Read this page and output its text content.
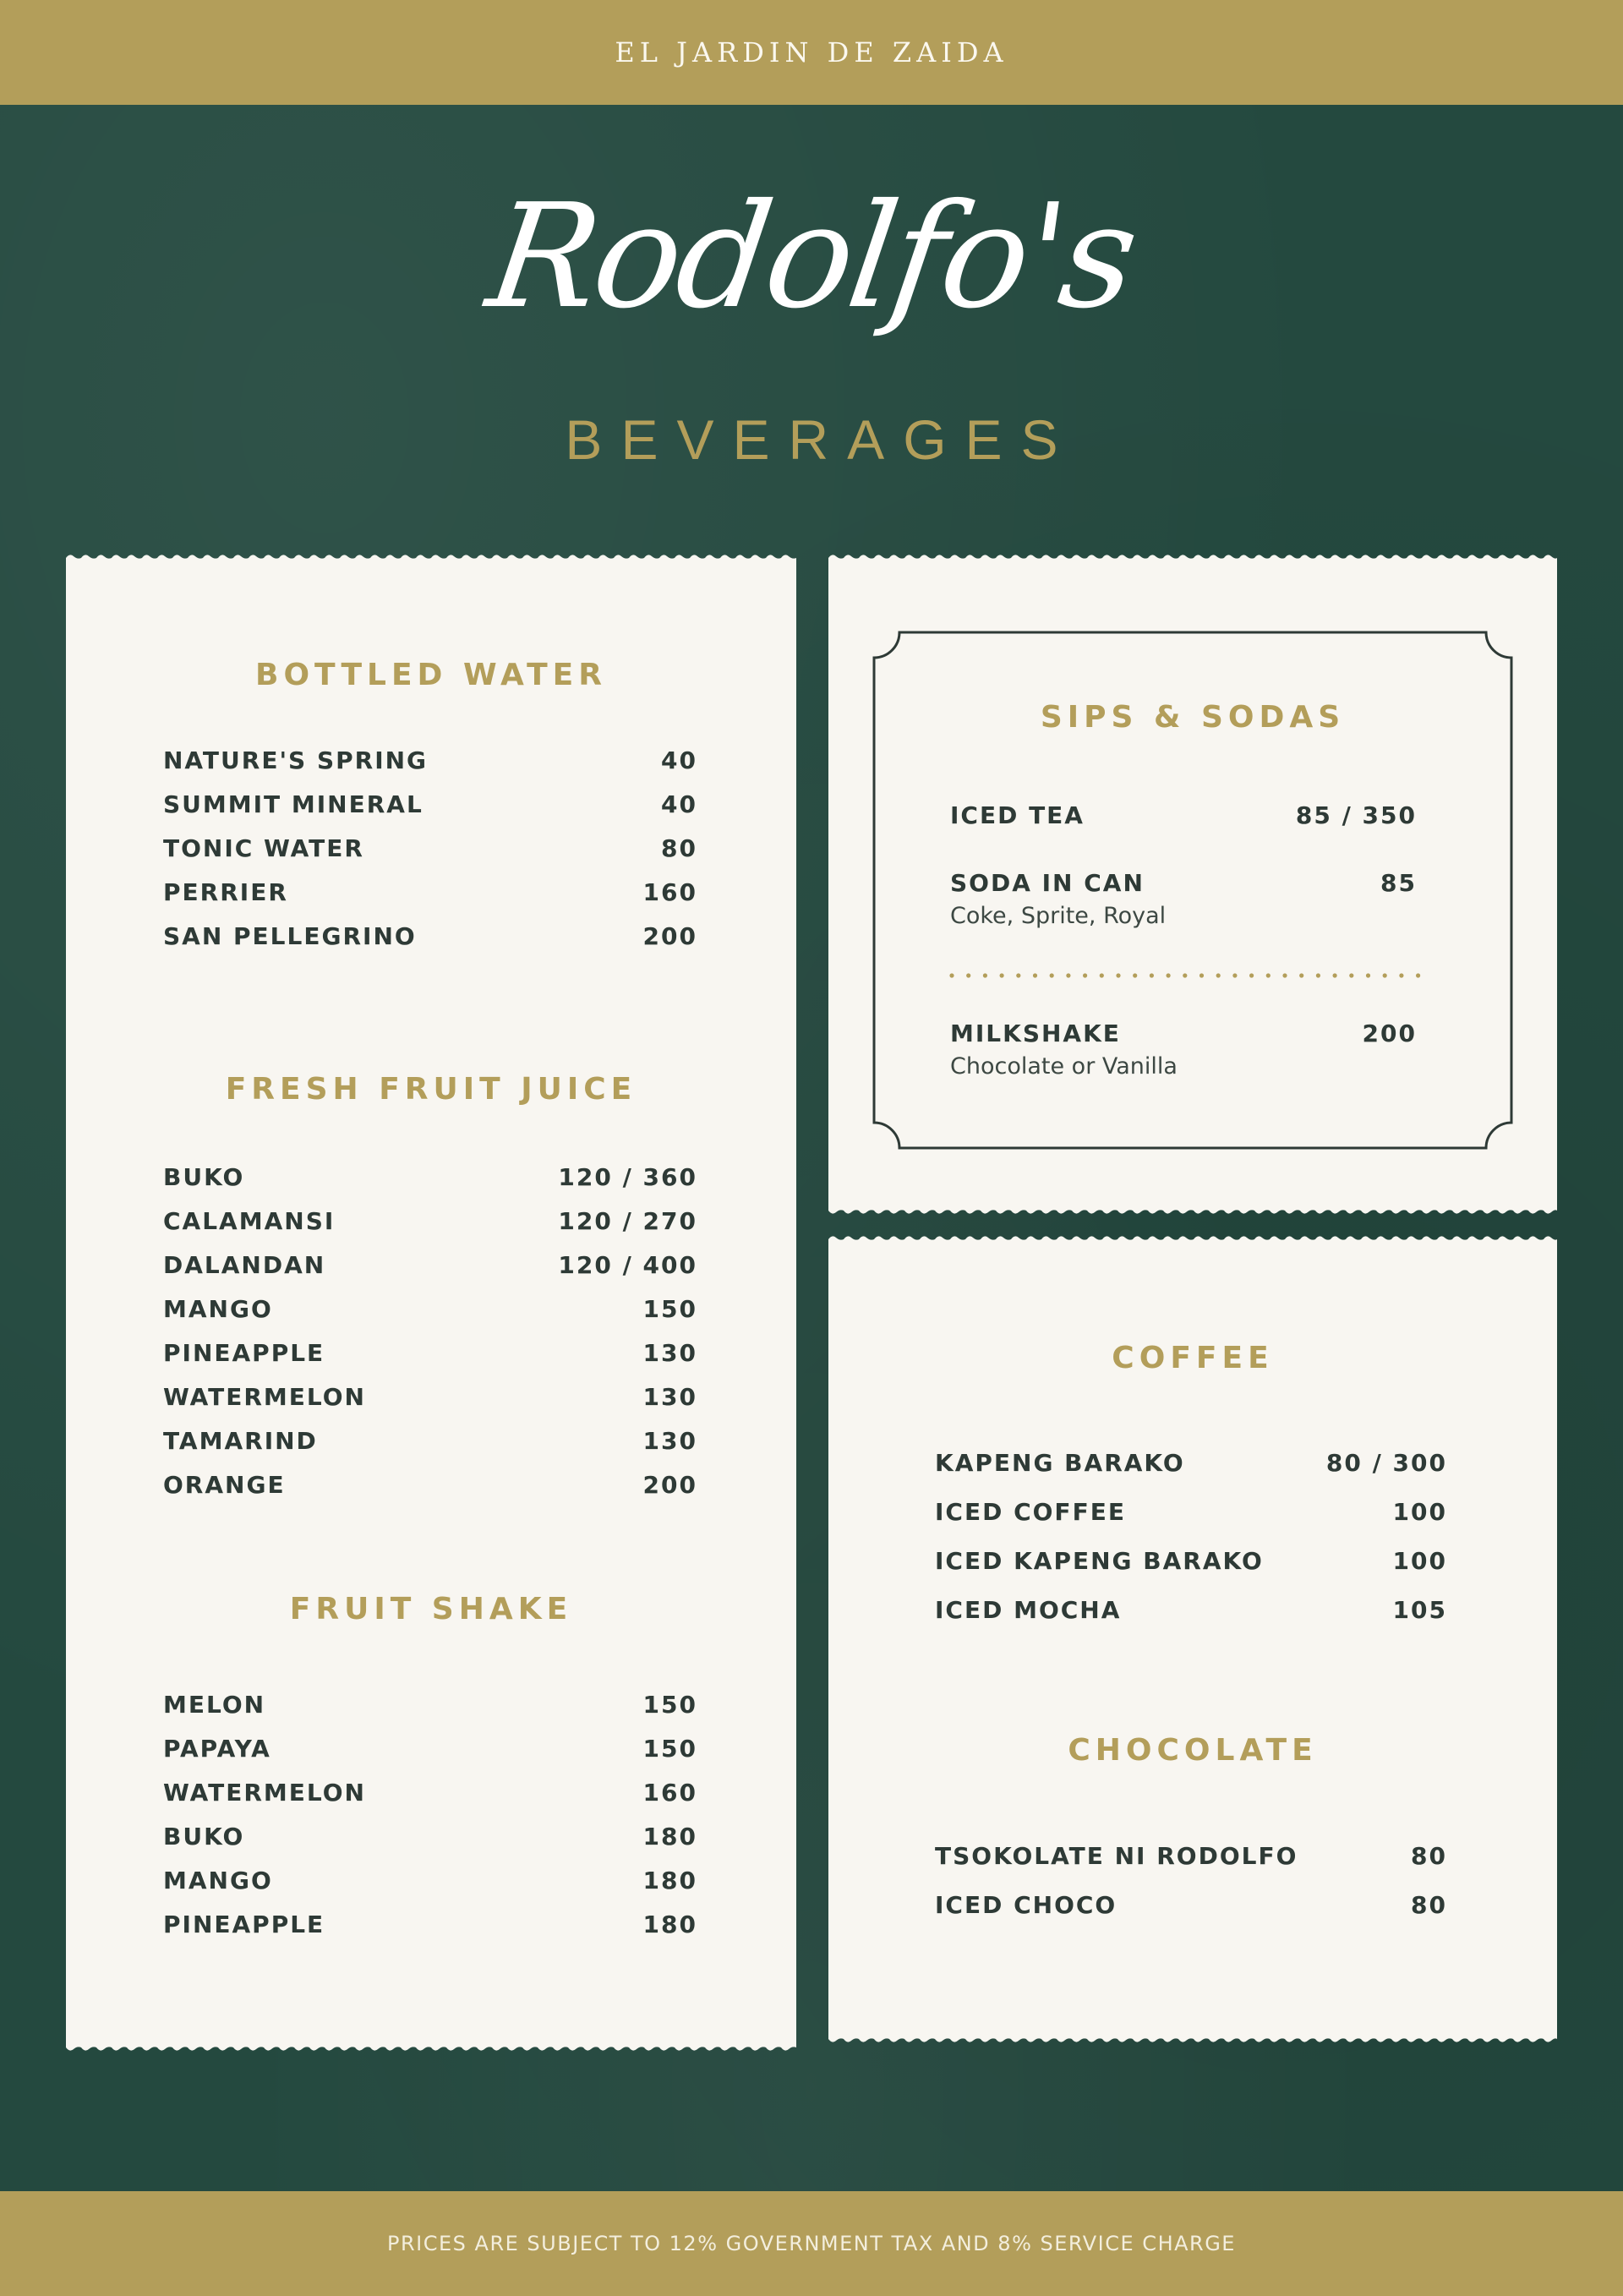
EL JARDIN DE ZAIDA
Rodolfo's
BEVERAGES
BOTTLED WATER
NATURE'S SPRING	40
SUMMIT MINERAL	40
TONIC WATER	80
PERRIER	160
SAN PELLEGRINO	200
FRESH FRUIT JUICE
BUKO	120 / 360
CALAMANSI	120 / 270
DALANDAN	120 / 400
MANGO	150
PINEAPPLE	130
WATERMELON	130
TAMARIND	130
ORANGE	200
FRUIT SHAKE
MELON	150
PAPAYA	150
WATERMELON	160
BUKO	180
MANGO	180
PINEAPPLE	180
SIPS & SODAS
ICED TEA	85 / 350
SODA IN CAN	85
Coke, Sprite, Royal
MILKSHAKE	200
Chocolate or Vanilla
COFFEE
KAPENG BARAKO	80 / 300
ICED COFFEE	100
ICED KAPENG BARAKO	100
ICED MOCHA	105
CHOCOLATE
TSOKOLATE NI RODOLFO	80
ICED CHOCO	80
PRICES ARE SUBJECT TO 12% GOVERNMENT TAX AND 8% SERVICE CHARGE
